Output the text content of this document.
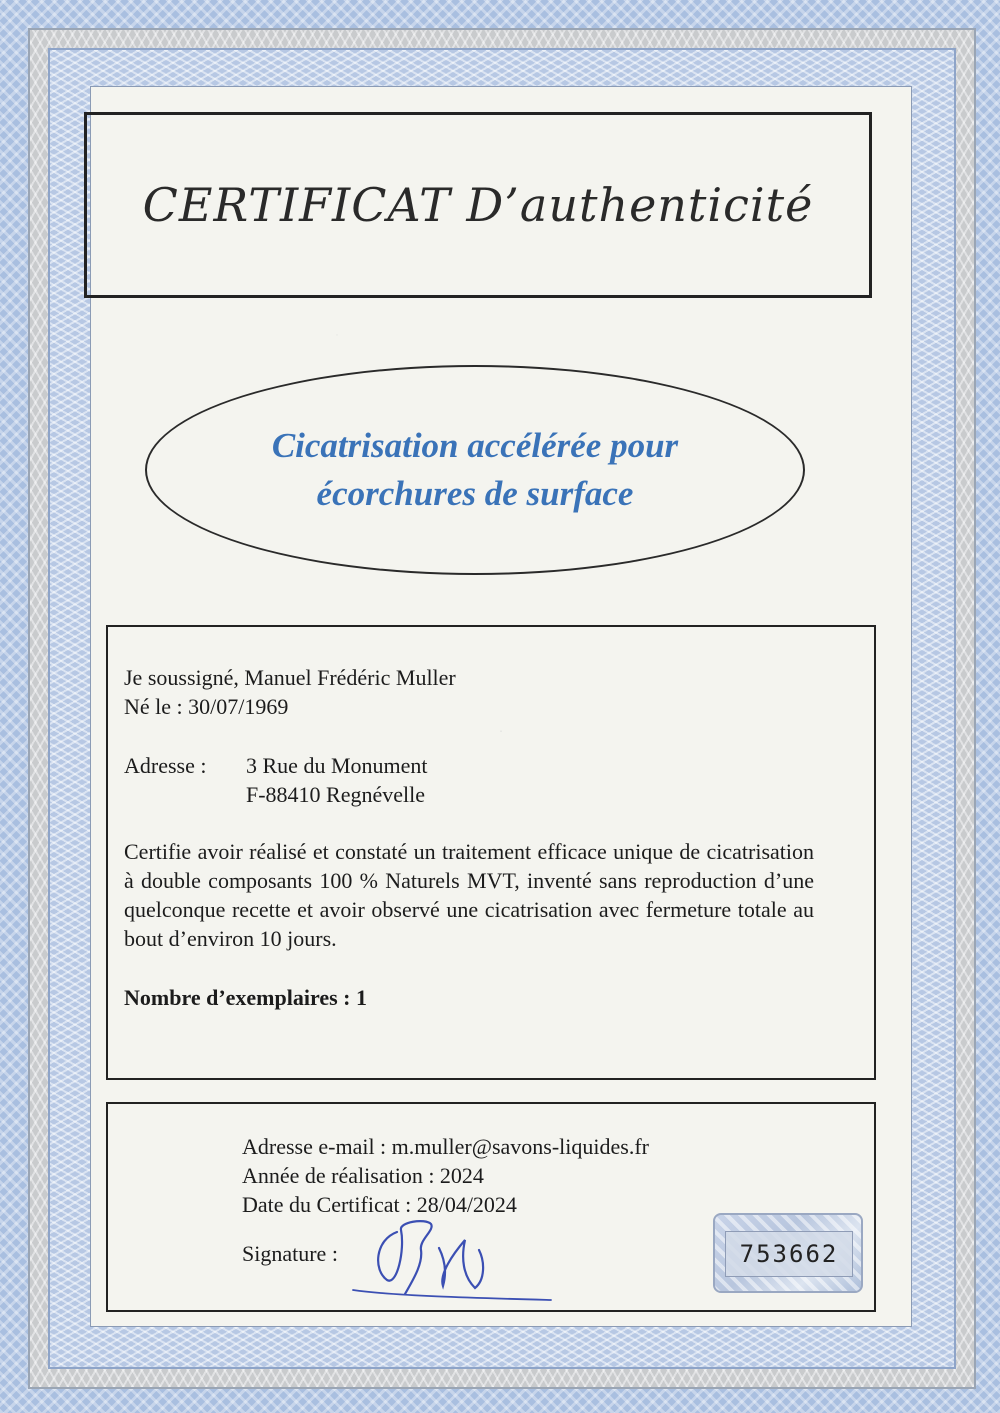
CERTIFICAT D’authenticité
Cicatrisation accélérée pour
écorchures de surface
Je soussigné, Manuel Frédéric Muller
Né le : 30/07/1969
Adresse :	3 Rue du Monument
F-88410 Regnévelle
Certifie avoir réalisé et constaté un traitement efficace unique de cicatrisation à double composants 100 % Naturels MVT, inventé sans reproduction d’une quelconque recette et avoir observé une cicatrisation avec fermeture totale au bout d’environ 10 jours.
Nombre d’exemplaires : 1
Adresse e-mail : m.muller@savons-liquides.fr
Année de réalisation : 2024
Date du Certificat : 28/04/2024
Signature :	753662
